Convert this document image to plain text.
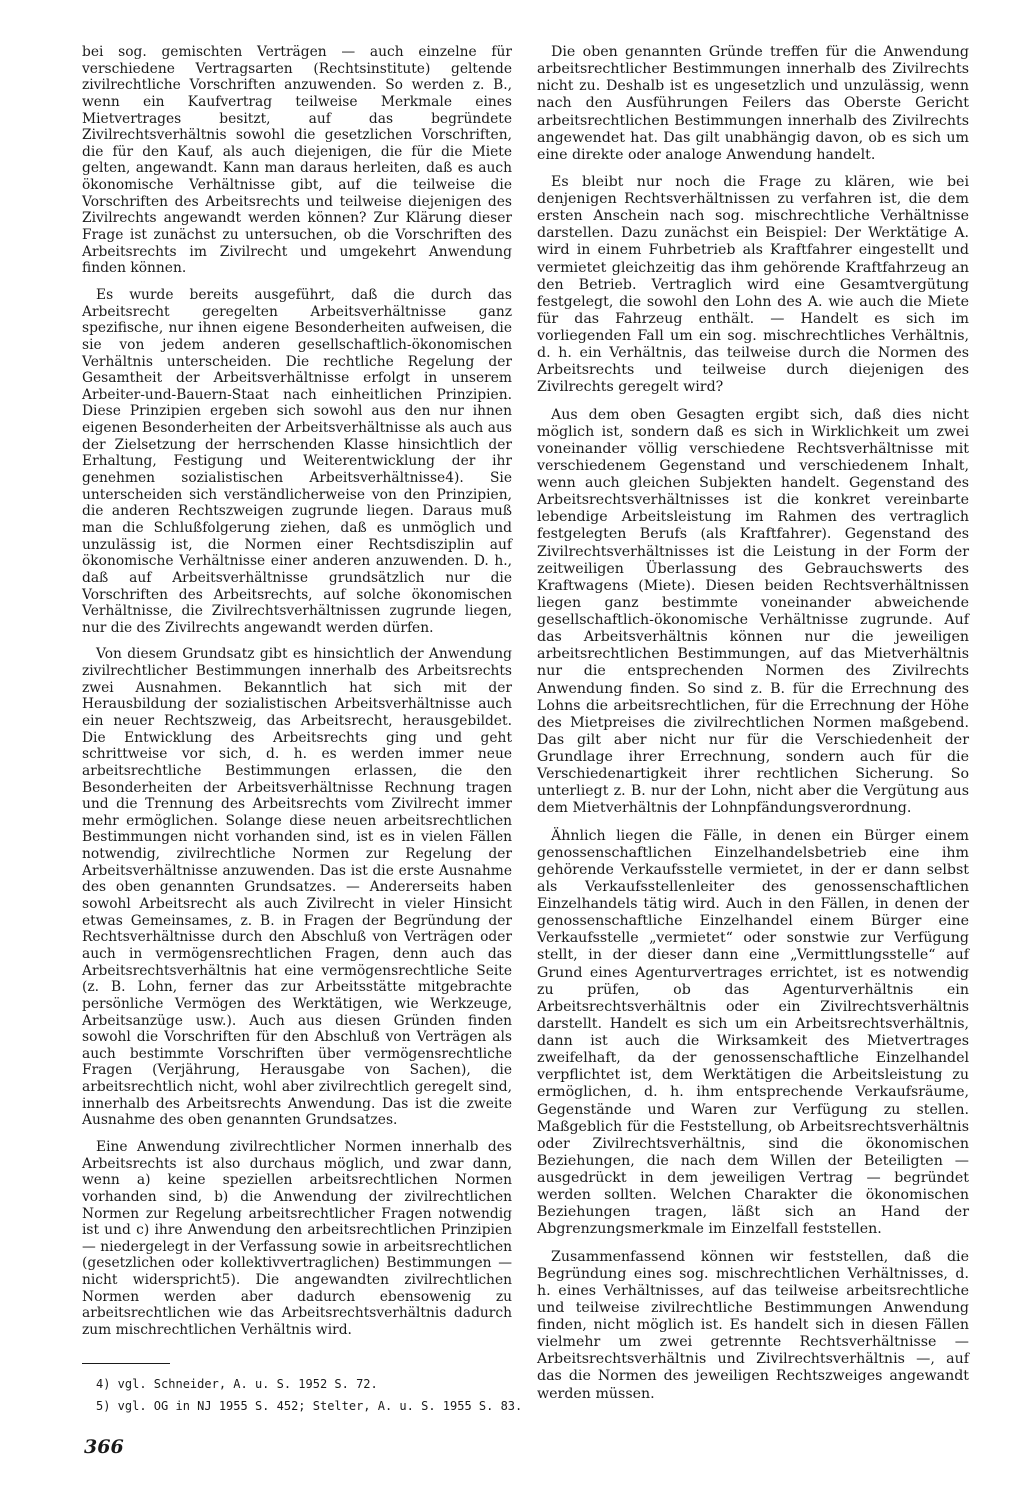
bei sog. gemischten Verträgen — auch einzelne für verschiedene Vertragsarten (Rechtsinstitute) geltende zivilrechtliche Vorschriften anzuwenden. So werden z. B., wenn ein Kaufvertrag teilweise Merkmale eines Mietvertrages besitzt, auf das begründete Zivilrechtsverhältnis sowohl die gesetzlichen Vorschriften, die für den Kauf, als auch diejenigen, die für die Miete gelten, angewandt. Kann man daraus herleiten, daß es auch ökonomische Verhältnisse gibt, auf die teilweise die Vorschriften des Arbeitsrechts und teilweise diejenigen des Zivilrechts angewandt werden können? Zur Klärung dieser Frage ist zunächst zu untersuchen, ob die Vorschriften des Arbeitsrechts im Zivilrecht und umgekehrt Anwendung finden können.

Es wurde bereits ausgeführt, daß die durch das Arbeitsrecht geregelten Arbeitsverhältnisse ganz spezifische, nur ihnen eigene Besonderheiten aufweisen, die sie von jedem anderen gesellschaftlich-ökonomischen Verhältnis unterscheiden. Die rechtliche Regelung der Gesamtheit der Arbeitsverhältnisse erfolgt in unserem Arbeiter-und-Bauern-Staat nach einheitlichen Prinzipien. Diese Prinzipien ergeben sich sowohl aus den nur ihnen eigenen Besonderheiten der Arbeitsverhältnisse als auch aus der Zielsetzung der herrschenden Klasse hinsichtlich der Erhaltung, Festigung und Weiterentwicklung der ihr genehmen sozialistischen Arbeitsverhältnisse4). Sie unterscheiden sich verständlicherweise von den Prinzipien, die anderen Rechtszweigen zugrunde liegen. Daraus muß man die Schlußfolgerung ziehen, daß es unmöglich und unzulässig ist, die Normen einer Rechtsdisziplin auf ökonomische Verhältnisse einer anderen anzuwenden. D. h., daß auf Arbeitsverhältnisse grundsätzlich nur die Vorschriften des Arbeitsrechts, auf solche ökonomischen Verhältnisse, die Zivilrechtsverhältnissen zugrunde liegen, nur die des Zivilrechts angewandt werden dürfen.

Von diesem Grundsatz gibt es hinsichtlich der Anwendung zivilrechtlicher Bestimmungen innerhalb des Arbeitsrechts zwei Ausnahmen. Bekanntlich hat sich mit der Herausbildung der sozialistischen Arbeitsverhältnisse auch ein neuer Rechtszweig, das Arbeitsrecht, herausgebildet. Die Entwicklung des Arbeitsrechts ging und geht schrittweise vor sich, d. h. es werden immer neue arbeitsrechtliche Bestimmungen erlassen, die den Besonderheiten der Arbeitsverhältnisse Rechnung tragen und die Trennung des Arbeitsrechts vom Zivilrecht immer mehr ermöglichen. Solange diese neuen arbeitsrechtlichen Bestimmungen nicht vorhanden sind, ist es in vielen Fällen notwendig, zivilrechtliche Normen zur Regelung der Arbeitsverhältnisse anzuwenden. Das ist die erste Ausnahme des oben genannten Grundsatzes. — Andererseits haben sowohl Arbeitsrecht als auch Zivilrecht in vieler Hinsicht etwas Gemeinsames, z. B. in Fragen der Begründung der Rechtsverhältnisse durch den Abschluß von Verträgen oder auch in vermögensrechtlichen Fragen, denn auch das Arbeitsrechtsverhältnis hat eine vermögensrechtliche Seite (z. B. Lohn, ferner das zur Arbeitsstätte mitgebrachte persönliche Vermögen des Werktätigen, wie Werkzeuge, Arbeitsanzüge usw.). Auch aus diesen Gründen finden sowohl die Vorschriften für den Abschluß von Verträgen als auch bestimmte Vorschriften über vermögensrechtliche Fragen (Verjährung, Herausgabe von Sachen), die arbeitsrechtlich nicht, wohl aber zivilrechtlich geregelt sind, innerhalb des Arbeitsrechts Anwendung. Das ist die zweite Ausnahme des oben genannten Grundsatzes.

Eine Anwendung zivilrechtlicher Normen innerhalb des Arbeitsrechts ist also durchaus möglich, und zwar dann, wenn a) keine speziellen arbeitsrechtlichen Normen vorhanden sind, b) die Anwendung der zivilrechtlichen Normen zur Regelung arbeitsrechtlicher Fragen notwendig ist und c) ihre Anwendung den arbeitsrechtlichen Prinzipien — niedergelegt in der Verfassung sowie in arbeitsrechtlichen (gesetzlichen oder kollektivvertraglichen) Bestimmungen — nicht widerspricht5). Die angewandten zivilrechtlichen Normen werden aber dadurch ebensowenig zu arbeitsrechtlichen wie das Arbeitsrechtsverhältnis dadurch zum mischrechtlichen Verhältnis wird.

Die oben genannten Gründe treffen für die Anwendung arbeitsrechtlicher Bestimmungen innerhalb des Zivilrechts nicht zu. Deshalb ist es ungesetzlich und unzulässig, wenn nach den Ausführungen Feilers das Oberste Gericht arbeitsrechtlichen Bestimmungen innerhalb des Zivilrechts angewendet hat. Das gilt unabhängig davon, ob es sich um eine direkte oder analoge Anwendung handelt.

Es bleibt nur noch die Frage zu klären, wie bei denjenigen Rechtsverhältnissen zu verfahren ist, die dem ersten Anschein nach sog. mischrechtliche Verhältnisse darstellen. Dazu zunächst ein Beispiel: Der Werktätige A. wird in einem Fuhrbetrieb als Kraftfahrer eingestellt und vermietet gleichzeitig das ihm gehörende Kraftfahrzeug an den Betrieb. Vertraglich wird eine Gesamtvergütung festgelegt, die sowohl den Lohn des A. wie auch die Miete für das Fahrzeug enthält. — Handelt es sich im vorliegenden Fall um ein sog. mischrechtliches Verhältnis, d. h. ein Verhältnis, das teilweise durch die Normen des Arbeitsrechts und teilweise durch diejenigen des Zivilrechts geregelt wird?

Aus dem oben Gesagten ergibt sich, daß dies nicht möglich ist, sondern daß es sich in Wirklichkeit um zwei voneinander völlig verschiedene Rechtsverhältnisse mit verschiedenem Gegenstand und verschiedenem Inhalt, wenn auch gleichen Subjekten handelt. Gegenstand des Arbeitsrechtsverhältnisses ist die konkret vereinbarte lebendige Arbeitsleistung im Rahmen des vertraglich festgelegten Berufs (als Kraftfahrer). Gegenstand des Zivilrechtsverhältnisses ist die Leistung in der Form der zeitweiligen Überlassung des Gebrauchswerts des Kraftwagens (Miete). Diesen beiden Rechtsverhältnissen liegen ganz bestimmte voneinander abweichende gesellschaftlich-ökonomische Verhältnisse zugrunde. Auf das Arbeitsverhältnis können nur die jeweiligen arbeitsrechtlichen Bestimmungen, auf das Mietverhältnis nur die entsprechenden Normen des Zivilrechts Anwendung finden. So sind z. B. für die Errechnung des Lohns die arbeitsrechtlichen, für die Errechnung der Höhe des Mietpreises die zivilrechtlichen Normen maßgebend. Das gilt aber nicht nur für die Verschiedenheit der Grundlage ihrer Errechnung, sondern auch für die Verschiedenartigkeit ihrer rechtlichen Sicherung. So unterliegt z. B. nur der Lohn, nicht aber die Vergütung aus dem Mietverhältnis der Lohnpfändungsverordnung.

Ähnlich liegen die Fälle, in denen ein Bürger einem genossenschaftlichen Einzelhandelsbetrieb eine ihm gehörende Verkaufsstelle vermietet, in der er dann selbst als Verkaufsstellenleiter des genossenschaftlichen Einzelhandels tätig wird. Auch in den Fällen, in denen der genossenschaftliche Einzelhandel einem Bürger eine Verkaufsstelle „vermietet“ oder sonstwie zur Verfügung stellt, in der dieser dann eine „Vermittlungsstelle“ auf Grund eines Agenturvertrages errichtet, ist es notwendig zu prüfen, ob das Agenturverhältnis ein Arbeitsrechtsverhältnis oder ein Zivilrechtsverhältnis darstellt. Handelt es sich um ein Arbeitsrechtsverhältnis, dann ist auch die Wirksamkeit des Mietvertrages zweifelhaft, da der genossenschaftliche Einzelhandel verpflichtet ist, dem Werktätigen die Arbeitsleistung zu ermöglichen, d. h. ihm entsprechende Verkaufsräume, Gegenstände und Waren zur Verfügung zu stellen. Maßgeblich für die Feststellung, ob Arbeitsrechtsverhältnis oder Zivilrechtsverhältnis, sind die ökonomischen Beziehungen, die nach dem Willen der Beteiligten — ausgedrückt in dem jeweiligen Vertrag — begründet werden sollten. Welchen Charakter die ökonomischen Beziehungen tragen, läßt sich an Hand der Abgrenzungsmerkmale im Einzelfall feststellen.

Zusammenfassend können wir feststellen, daß die Begründung eines sog. mischrechtlichen Verhältnisses, d. h. eines Verhältnisses, auf das teilweise arbeitsrechtliche und teilweise zivilrechtliche Bestimmungen Anwendung finden, nicht möglich ist. Es handelt sich in diesen Fällen vielmehr um zwei getrennte Rechtsverhältnisse — Arbeitsrechtsverhältnis und Zivilrechtsverhältnis —, auf das die Normen des jeweiligen Rechtszweiges angewandt werden müssen.

4) vgl. Schneider, A. u. S. 1952 S. 72.
5) vgl. OG in NJ 1955 S. 452; Stelter, A. u. S. 1955 S. 83.
366
